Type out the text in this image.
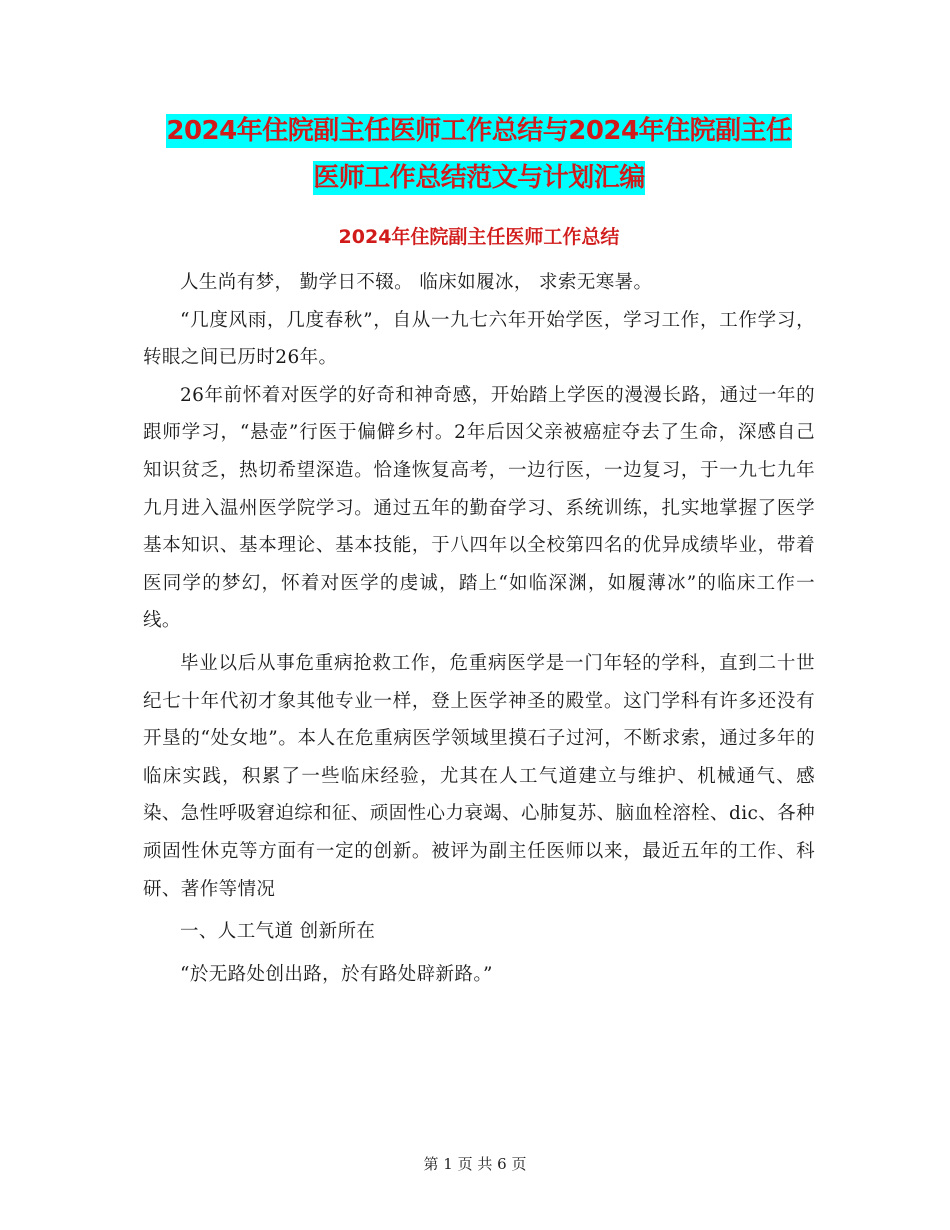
2024年住院副主任医师工作总结与2024年住院副主任
医师工作总结范文与计划汇编
2024年住院副主任医师工作总结

人生尚有梦， 勤学日不辍。 临床如履冰， 求索无寒暑。

“几度风雨，几度春秋”，自从一九七六年开始学医，学习工作，工作学习，转眼之间已历时26年。

26年前怀着对医学的好奇和神奇感，开始踏上学医的漫漫长路，通过一年的跟师学习，“悬壶”行医于偏僻乡村。2年后因父亲被癌症夺去了生命，深感自己知识贫乏，热切希望深造。恰逢恢复高考，一边行医，一边复习，于一九七九年九月进入温州医学院学习。通过五年的勤奋学习、系统训练，扎实地掌握了医学基本知识、基本理论、基本技能，于八四年以全校第四名的优异成绩毕业，带着医同学的梦幻，怀着对医学的虔诚，踏上“如临深渊，如履薄冰”的临床工作一线。

毕业以后从事危重病抢救工作，危重病医学是一门年轻的学科，直到二十世纪七十年代初才象其他专业一样，登上医学神圣的殿堂。这门学科有许多还没有开垦的“处女地”。本人在危重病医学领域里摸石子过河，不断求索，通过多年的临床实践，积累了一些临床经验，尤其在人工气道建立与维护、机械通气、感染、急性呼吸窘迫综和征、顽固性心力衰竭、心肺复苏、脑血栓溶栓、dic、各种顽固性休克等方面有一定的创新。被评为副主任医师以来，最近五年的工作、科研、著作等情况

一、人工气道 创新所在

“於无路处创出路，於有路处辟新路。”

第 1 页 共 6 页
